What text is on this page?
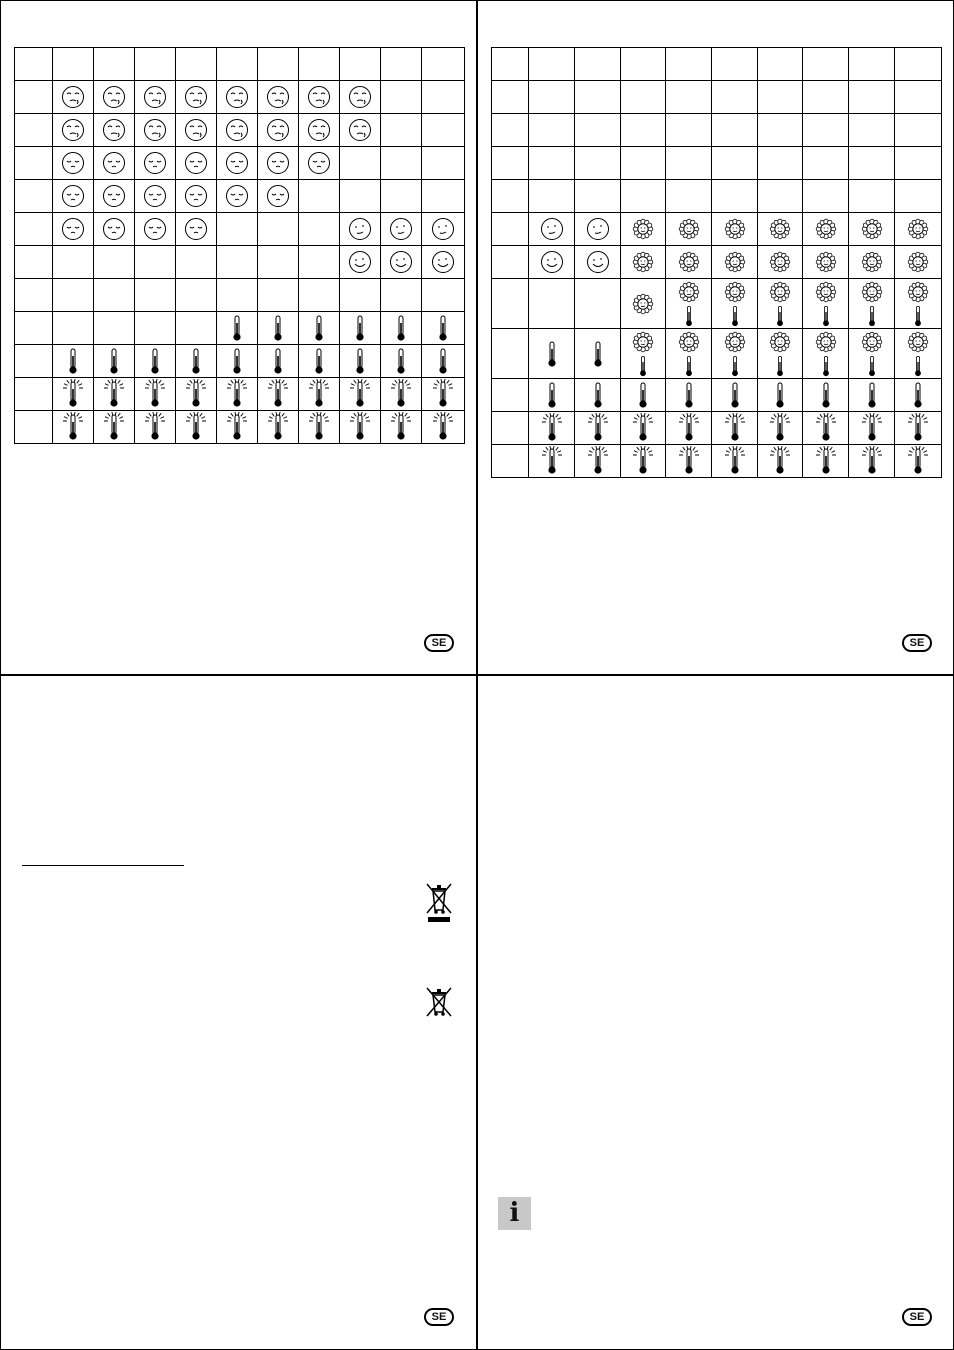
SE	SE
SE	SE
i
